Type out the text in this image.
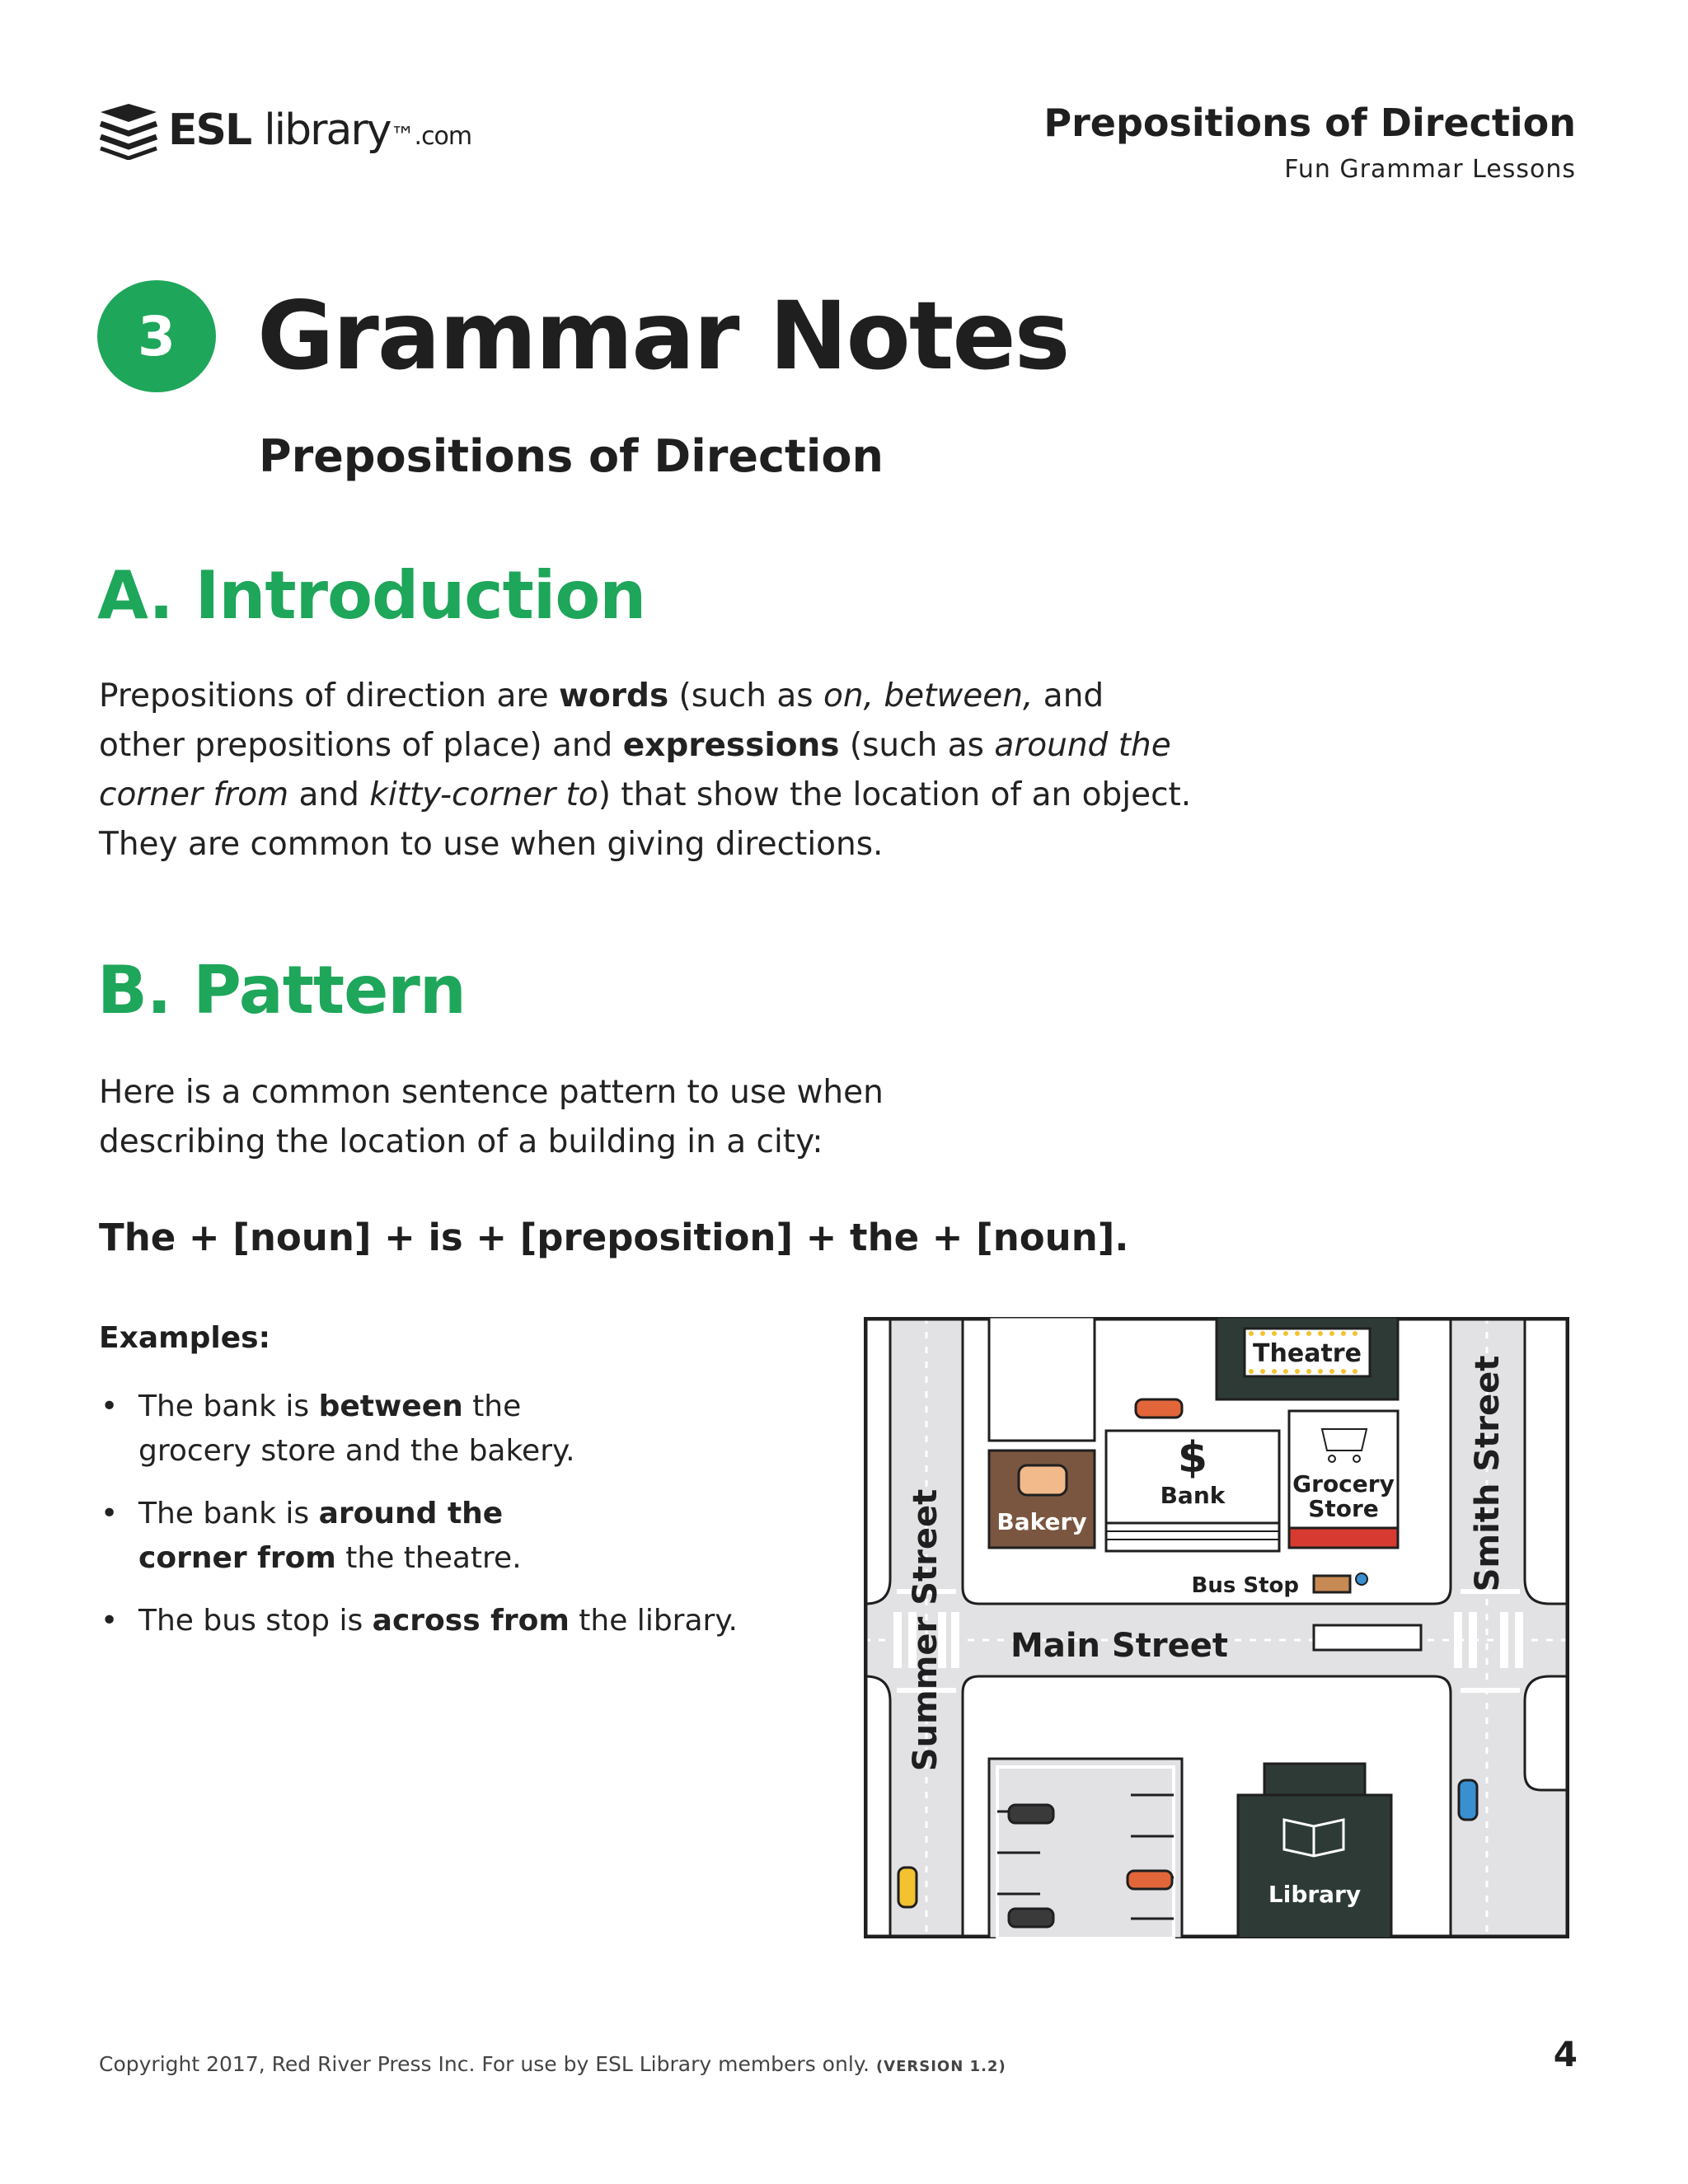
ESL library™.com	Prepositions of Direction
Fun Grammar Lessons
3 Grammar Notes
Prepositions of Direction
A. Introduction
Prepositions of direction are words (such as on, between, and other prepositions of place) and expressions (such as around the corner from and kitty-corner to) that show the location of an object. They are common to use when giving directions.
B. Pattern
Here is a common sentence pattern to use when describing the location of a building in a city:
The + [noun] + is + [preposition] + the + [noun].
Examples:
• The bank is between the grocery store and the bakery.
• The bank is around the corner from the theatre.
• The bus stop is across from the library.
Theatre
Bakery
$
Bank	Grocery
Store
Bus Stop
Main Street
Summer Street
Smith Street
Library
Copyright 2017, Red River Press Inc. For use by ESL Library members only. (VERSION 1.2)	4
